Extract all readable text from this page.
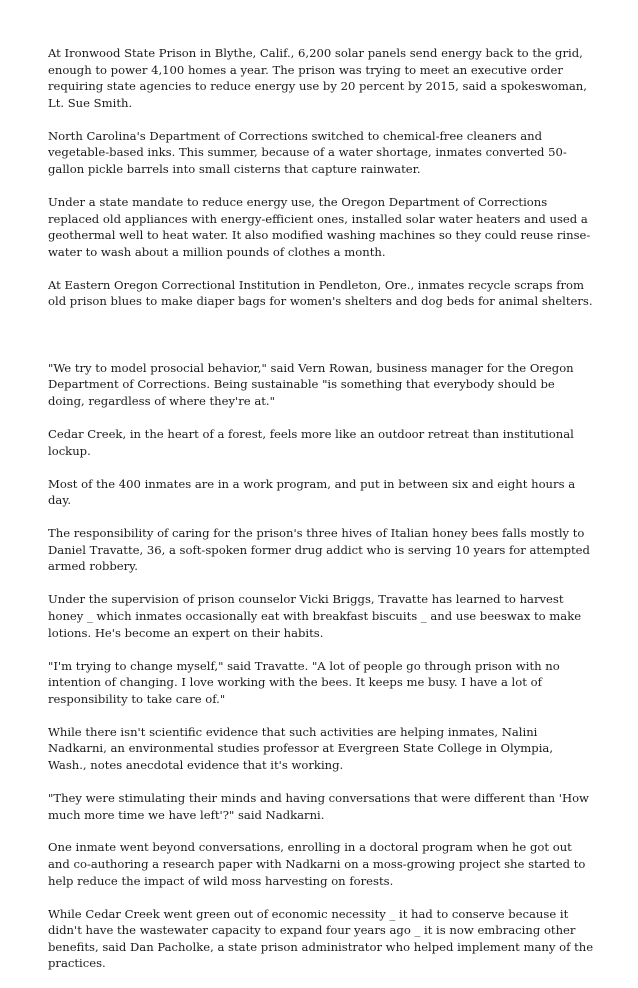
At Ironwood State Prison in Blythe, Calif., 6,200 solar panels send energy back to the grid, enough to power 4,100 homes a year. The prison was trying to meet an executive order requiring state agencies to reduce energy use by 20 percent by 2015, said a spokeswoman, Lt. Sue Smith.

North Carolina's Department of Corrections switched to chemical-free cleaners and vegetable-based inks. This summer, because of a water shortage, inmates converted 50-gallon pickle barrels into small cisterns that capture rainwater.

Under a state mandate to reduce energy use, the Oregon Department of Corrections replaced old appliances with energy-efficient ones, installed solar water heaters and used a geothermal well to heat water. It also modified washing machines so they could reuse rinse-water to wash about a million pounds of clothes a month.

At Eastern Oregon Correctional Institution in Pendleton, Ore., inmates recycle scraps from old prison blues to make diaper bags for women's shelters and dog beds for animal shelters.

"We try to model prosocial behavior," said Vern Rowan, business manager for the Oregon Department of Corrections. Being sustainable "is something that everybody should be doing, regardless of where they're at."

Cedar Creek, in the heart of a forest, feels more like an outdoor retreat than institutional lockup.

Most of the 400 inmates are in a work program, and put in between six and eight hours a day.

The responsibility of caring for the prison's three hives of Italian honey bees falls mostly to Daniel Travatte, 36, a soft-spoken former drug addict who is serving 10 years for attempted armed robbery.

Under the supervision of prison counselor Vicki Briggs, Travatte has learned to harvest honey _ which inmates occasionally eat with breakfast biscuits _ and use beeswax to make lotions. He's become an expert on their habits.

"I'm trying to change myself," said Travatte. "A lot of people go through prison with no intention of changing. I love working with the bees. It keeps me busy. I have a lot of responsibility to take care of."

While there isn't scientific evidence that such activities are helping inmates, Nalini Nadkarni, an environmental studies professor at Evergreen State College in Olympia, Wash., notes anecdotal evidence that it's working.

"They were stimulating their minds and having conversations that were different than 'How much more time we have left'?" said Nadkarni.

One inmate went beyond conversations, enrolling in a doctoral program when he got out and co-authoring a research paper with Nadkarni on a moss-growing project she started to help reduce the impact of wild moss harvesting on forests.

While Cedar Creek went green out of economic necessity _ it had to conserve because it didn't have the wastewater capacity to expand four years ago _ it is now embracing other benefits, said Dan Pacholke, a state prison administrator who helped implement many of the practices.
